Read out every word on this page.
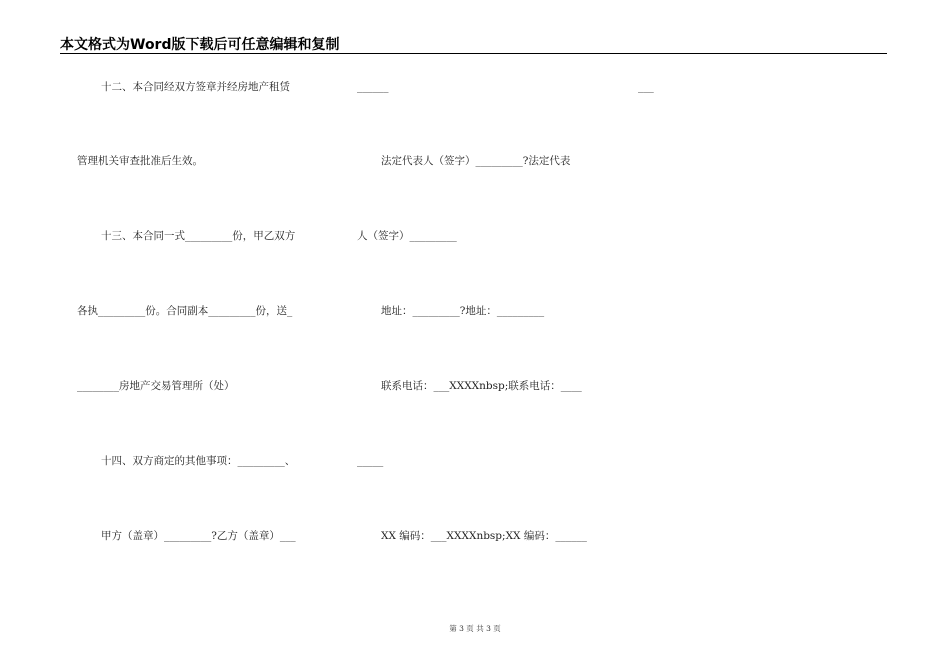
本文格式为Word版下载后可任意编辑和复制
十二、本合同经双方签章并经房地产租赁
管理机关审查批准后生效。
十三、本合同一式_________份，甲乙双方
各执_________份。合同副本_________份，送_
________房地产交易管理所（处）
十四、双方商定的其他事项：_________、
甲方（盖章）_________?乙方（盖章）___
______	___
法定代表人（签字）_________?法定代表
人（签字）_________
地址：_________?地址：_________
联系电话：___XXXXnbsp;联系电话：____
_____
XX 编码：___XXXXnbsp;XX 编码：______
第 3 页 共 3 页
